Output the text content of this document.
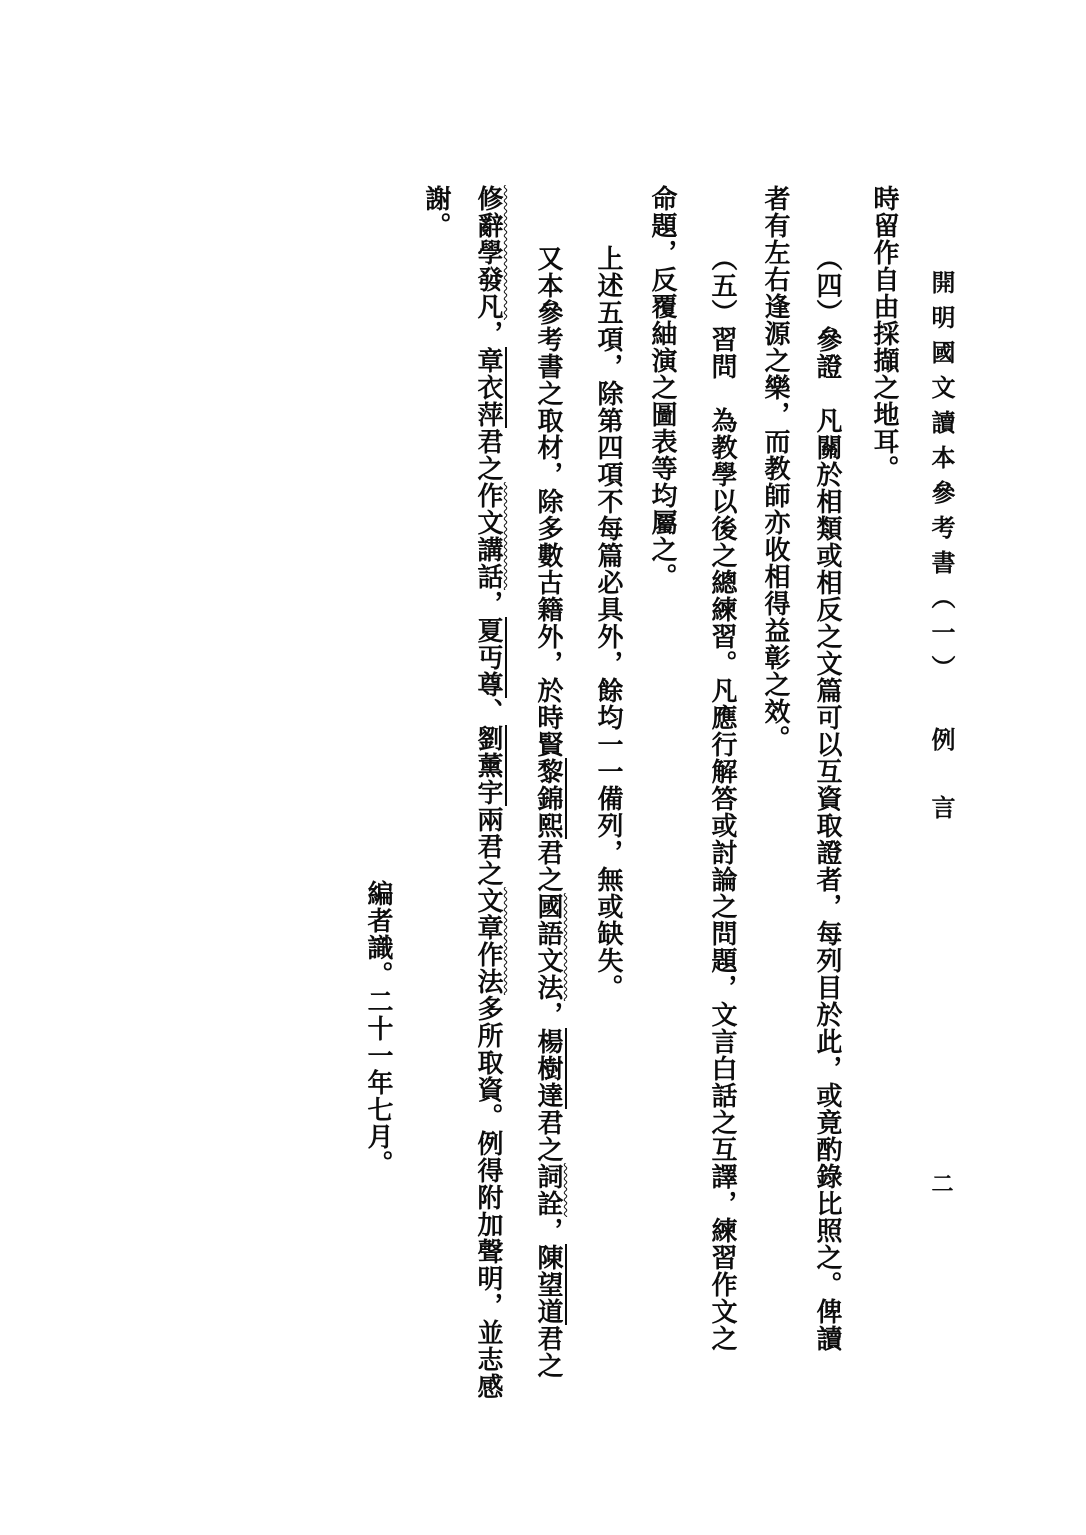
開明國文讀本參考書（一）例言
二
時留作自由採擷之地耳。
（四）參證　凡關於相類或相反之文篇可以互資取證者，每列目於此，或竟酌錄比照之。俾讀
者有左右逢源之樂，而教師亦收相得益彰之效。
（五）習問　為教學以後之總練習。凡應行解答或討論之問題，文言白話之互譯，練習作文之
命題，反覆紬演之圖表等均屬之。
上述五項，除第四項不每篇必具外，餘均一一備列，無或缺失。
又本參考書之取材，除多數古籍外，於時賢黎錦熙君之國語文法，楊樹達君之詞詮，陳望道君之
修辭學發凡，章衣萍君之作文講話，夏丏尊、劉薰宇兩君之文章作法多所取資。例得附加聲明，並志感
謝。
編者識。二十一年七月。
